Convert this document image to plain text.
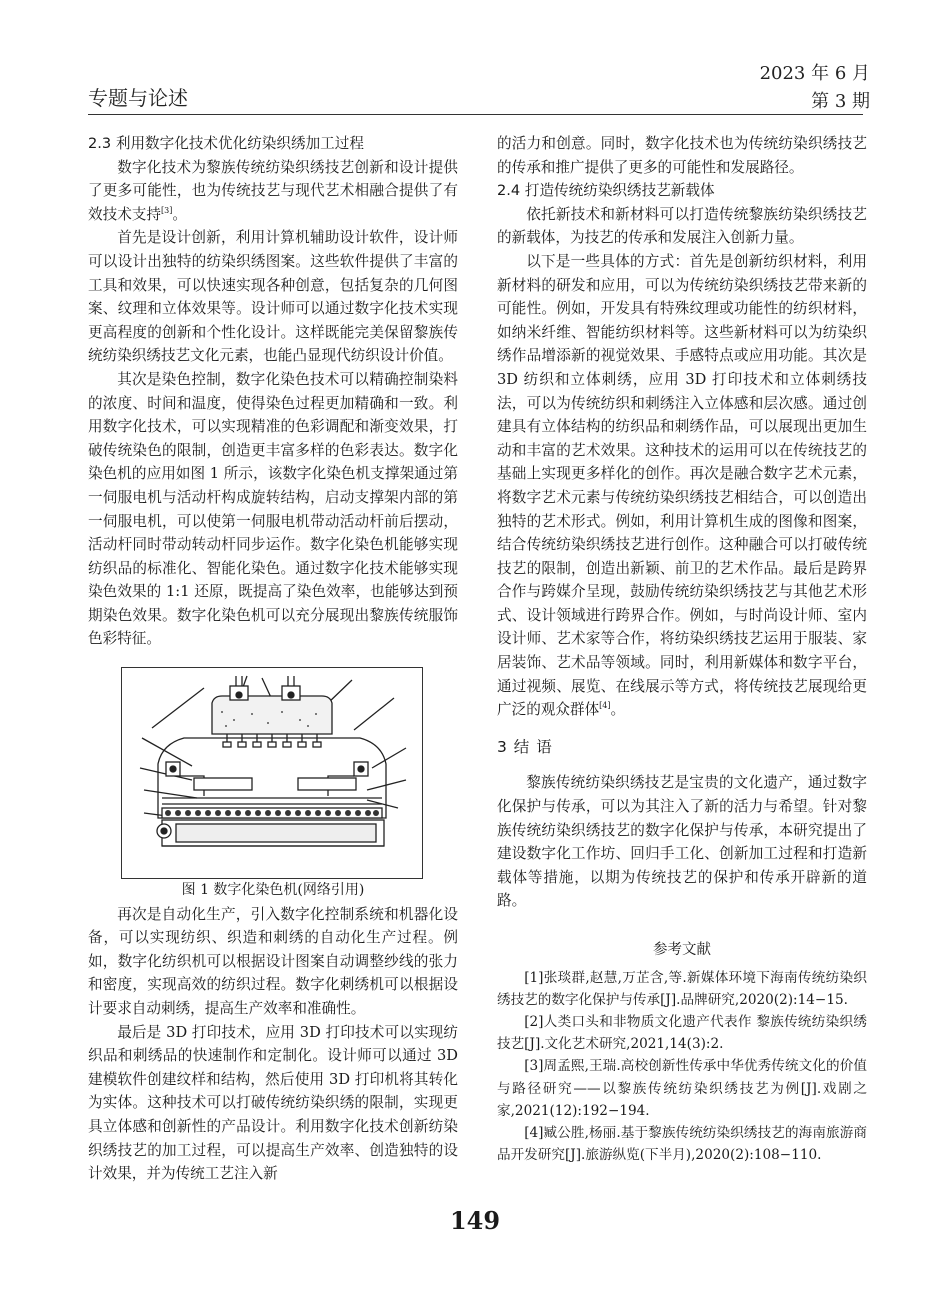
专题与论述
2023 年 6 月
第 3 期
2.3 利用数字化技术优化纺染织绣加工过程

数字化技术为黎族传统纺染织绣技艺创新和设计提供了更多可能性，也为传统技艺与现代艺术相融合提供了有效技术支持[3]。

首先是设计创新，利用计算机辅助设计软件，设计师可以设计出独特的纺染织绣图案。这些软件提供了丰富的工具和效果，可以快速实现各种创意，包括复杂的几何图案、纹理和立体效果等。设计师可以通过数字化技术实现更高程度的创新和个性化设计。这样既能完美保留黎族传统纺染织绣技艺文化元素，也能凸显现代纺织设计价值。

其次是染色控制，数字化染色技术可以精确控制染料的浓度、时间和温度，使得染色过程更加精确和一致。利用数字化技术，可以实现精准的色彩调配和渐变效果，打破传统染色的限制，创造更丰富多样的色彩表达。数字化染色机的应用如图 1 所示，该数字化染色机支撑架通过第一伺服电机与活动杆构成旋转结构，启动支撑架内部的第一伺服电机，可以使第一伺服电机带动活动杆前后摆动，活动杆同时带动转动杆同步运作。数字化染色机能够实现纺织品的标准化、智能化染色。通过数字化技术能够实现染色效果的 1:1 还原，既提高了染色效率，也能够达到预期染色效果。数字化染色机可以充分展现出黎族传统服饰色彩特征。

图 1 数字化染色机(网络引用)

再次是自动化生产，引入数字化控制系统和机器化设备，可以实现纺织、织造和刺绣的自动化生产过程。例如，数字化纺织机可以根据设计图案自动调整纱线的张力和密度，实现高效的纺织过程。数字化刺绣机可以根据设计要求自动刺绣，提高生产效率和准确性。

最后是 3D 打印技术，应用 3D 打印技术可以实现纺织品和刺绣品的快速制作和定制化。设计师可以通过 3D 建模软件创建纹样和结构，然后使用 3D 打印机将其转化为实体。这种技术可以打破传统纺染织绣的限制，实现更具立体感和创新性的产品设计。利用数字化技术创新纺染织绣技艺的加工过程，可以提高生产效率、创造独特的设计效果，并为传统工艺注入新

的活力和创意。同时，数字化技术也为传统纺染织绣技艺的传承和推广提供了更多的可能性和发展路径。

2.4 打造传统纺染织绣技艺新载体

依托新技术和新材料可以打造传统黎族纺染织绣技艺的新载体，为技艺的传承和发展注入创新力量。

以下是一些具体的方式：首先是创新纺织材料，利用新材料的研发和应用，可以为传统纺染织绣技艺带来新的可能性。例如，开发具有特殊纹理或功能性的纺织材料，如纳米纤维、智能纺织材料等。这些新材料可以为纺染织绣作品增添新的视觉效果、手感特点或应用功能。其次是 3D 纺织和立体刺绣，应用 3D 打印技术和立体刺绣技法，可以为传统纺织和刺绣注入立体感和层次感。通过创建具有立体结构的纺织品和刺绣作品，可以展现出更加生动和丰富的艺术效果。这种技术的运用可以在传统技艺的基础上实现更多样化的创作。再次是融合数字艺术元素，将数字艺术元素与传统纺染织绣技艺相结合，可以创造出独特的艺术形式。例如，利用计算机生成的图像和图案，结合传统纺染织绣技艺进行创作。这种融合可以打破传统技艺的限制，创造出新颖、前卫的艺术作品。最后是跨界合作与跨媒介呈现，鼓励传统纺染织绣技艺与其他艺术形式、设计领域进行跨界合作。例如，与时尚设计师、室内设计师、艺术家等合作，将纺染织绣技艺运用于服装、家居装饰、艺术品等领域。同时，利用新媒体和数字平台，通过视频、展览、在线展示等方式，将传统技艺展现给更广泛的观众群体[4]。

3 结 语

黎族传统纺染织绣技艺是宝贵的文化遗产，通过数字化保护与传承，可以为其注入了新的活力与希望。针对黎族传统纺染织绣技艺的数字化保护与传承，本研究提出了建设数字化工作坊、回归手工化、创新加工过程和打造新载体等措施，以期为传统技艺的保护和传承开辟新的道路。

参考文献

[1]张琰群,赵慧,万芷含,等.新媒体环境下海南传统纺染织绣技艺的数字化保护与传承[J].品牌研究,2020(2):14−15.

[2]人类口头和非物质文化遗产代表作 黎族传统纺染织绣技艺[J].文化艺术研究,2021,14(3):2.

[3]周孟熙,王瑞.高校创新性传承中华优秀传统文化的价值与路径研究——以黎族传统纺染织绣技艺为例[J].戏剧之家,2021(12):192−194.

[4]臧公胜,杨丽.基于黎族传统纺染织绣技艺的海南旅游商品开发研究[J].旅游纵览(下半月),2020(2):108−110.

149
